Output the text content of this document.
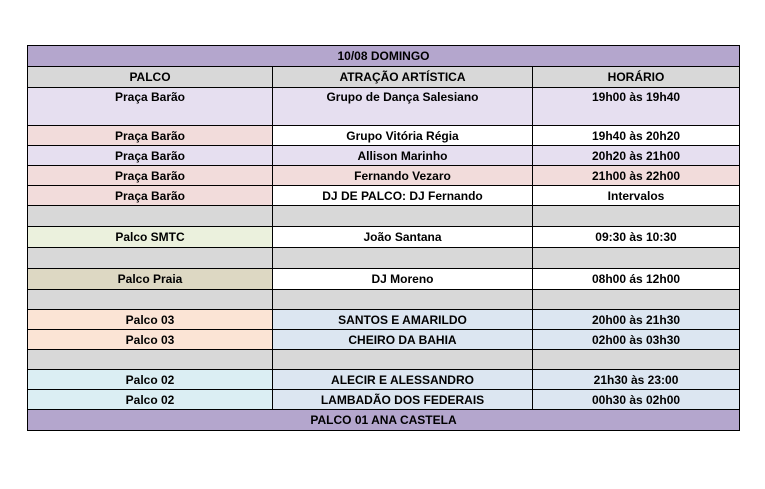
10/08 DOMINGO		
PALCO	ATRAÇÃO ARTÍSTICA	HORÁRIO
Praça Barão	Grupo de Dança Salesiano	19h00 às 19h40
Praça Barão	Grupo Vitória Régia	19h40 às 20h20
Praça Barão	Allison Marinho	20h20 às 21h00
Praça Barão	Fernando Vezaro	21h00 às 22h00
Praça Barão	DJ DE PALCO: DJ Fernando	Intervalos

Palco SMTC	João Santana	09:30 às 10:30

Palco Praia	DJ Moreno	08h00 ás 12h00

Palco 03	SANTOS E AMARILDO	20h00 às 21h30
Palco 03	CHEIRO DA BAHIA	02h00 às 03h30

Palco 02	ALECIR E ALESSANDRO	21h30 às 23:00
Palco 02	LAMBADÃO DOS FEDERAIS	00h30 às 02h00
PALCO 01 ANA CASTELA		
